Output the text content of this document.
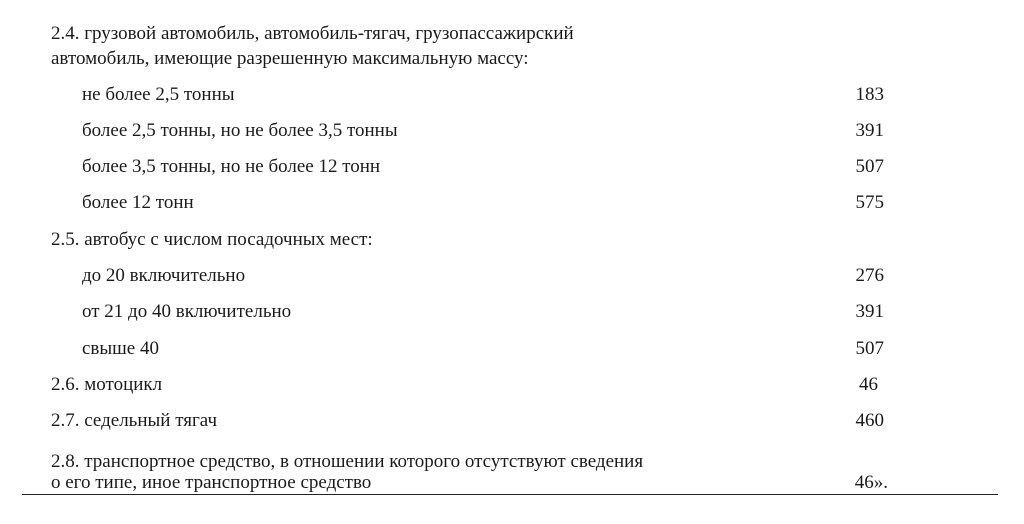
2.4. грузовой автомобиль, автомобиль-тягач, грузопассажирский
автомобиль, имеющие разрешенную максимальную массу:
не более 2,5 тонны	183
более 2,5 тонны, но не более 3,5 тонны	391
более 3,5 тонны, но не более 12 тонн	507
более 12 тонн	575
2.5. автобус с числом посадочных мест:
до 20 включительно	276
от 21 до 40 включительно	391
свыше 40	507
2.6. мотоцикл	46
2.7. седельный тягач	460
2.8. транспортное средство, в отношении которого отсутствуют сведения
о его типе, иное транспортное средство	46».
